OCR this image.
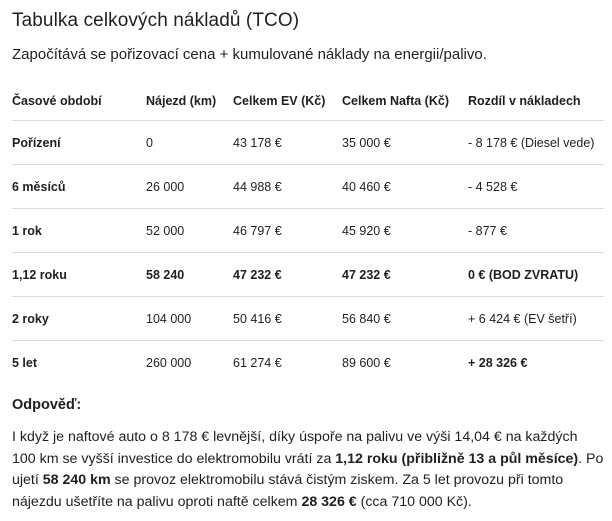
Tabulka celkových nákladů (TCO)
Započítává se pořizovací cena + kumulované náklady na energii/palivo.
Časové období	Nájezd (km)	Celkem EV (Kč)	Celkem Nafta (Kč)	Rozdíl v nákladech
Pořízení	0	43 178 €	35 000 €	- 8 178 € (Diesel vede)
6 měsíců	26 000	44 988 €	40 460 €	- 4 528 €
1 rok	52 000	46 797 €	45 920 €	- 877 €
1,12 roku	58 240	47 232 €	47 232 €	0 € (BOD ZVRATU)
2 roky	104 000	50 416 €	56 840 €	+ 6 424 € (EV šetří)
5 let	260 000	61 274 €	89 600 €	+ 28 326 €
Odpověď:
I když je naftové auto o 8 178 € levnější, díky úspoře na palivu ve výši 14,04 € na každých 100 km se vyšší investice do elektromobilu vrátí za 1,12 roku (přibližně 13 a půl měsíce). Po ujetí 58 240 km se provoz elektromobilu stává čistým ziskem. Za 5 let provozu při tomto nájezdu ušetříte na palivu oproti naftě celkem 28 326 € (cca 710 000 Kč).
